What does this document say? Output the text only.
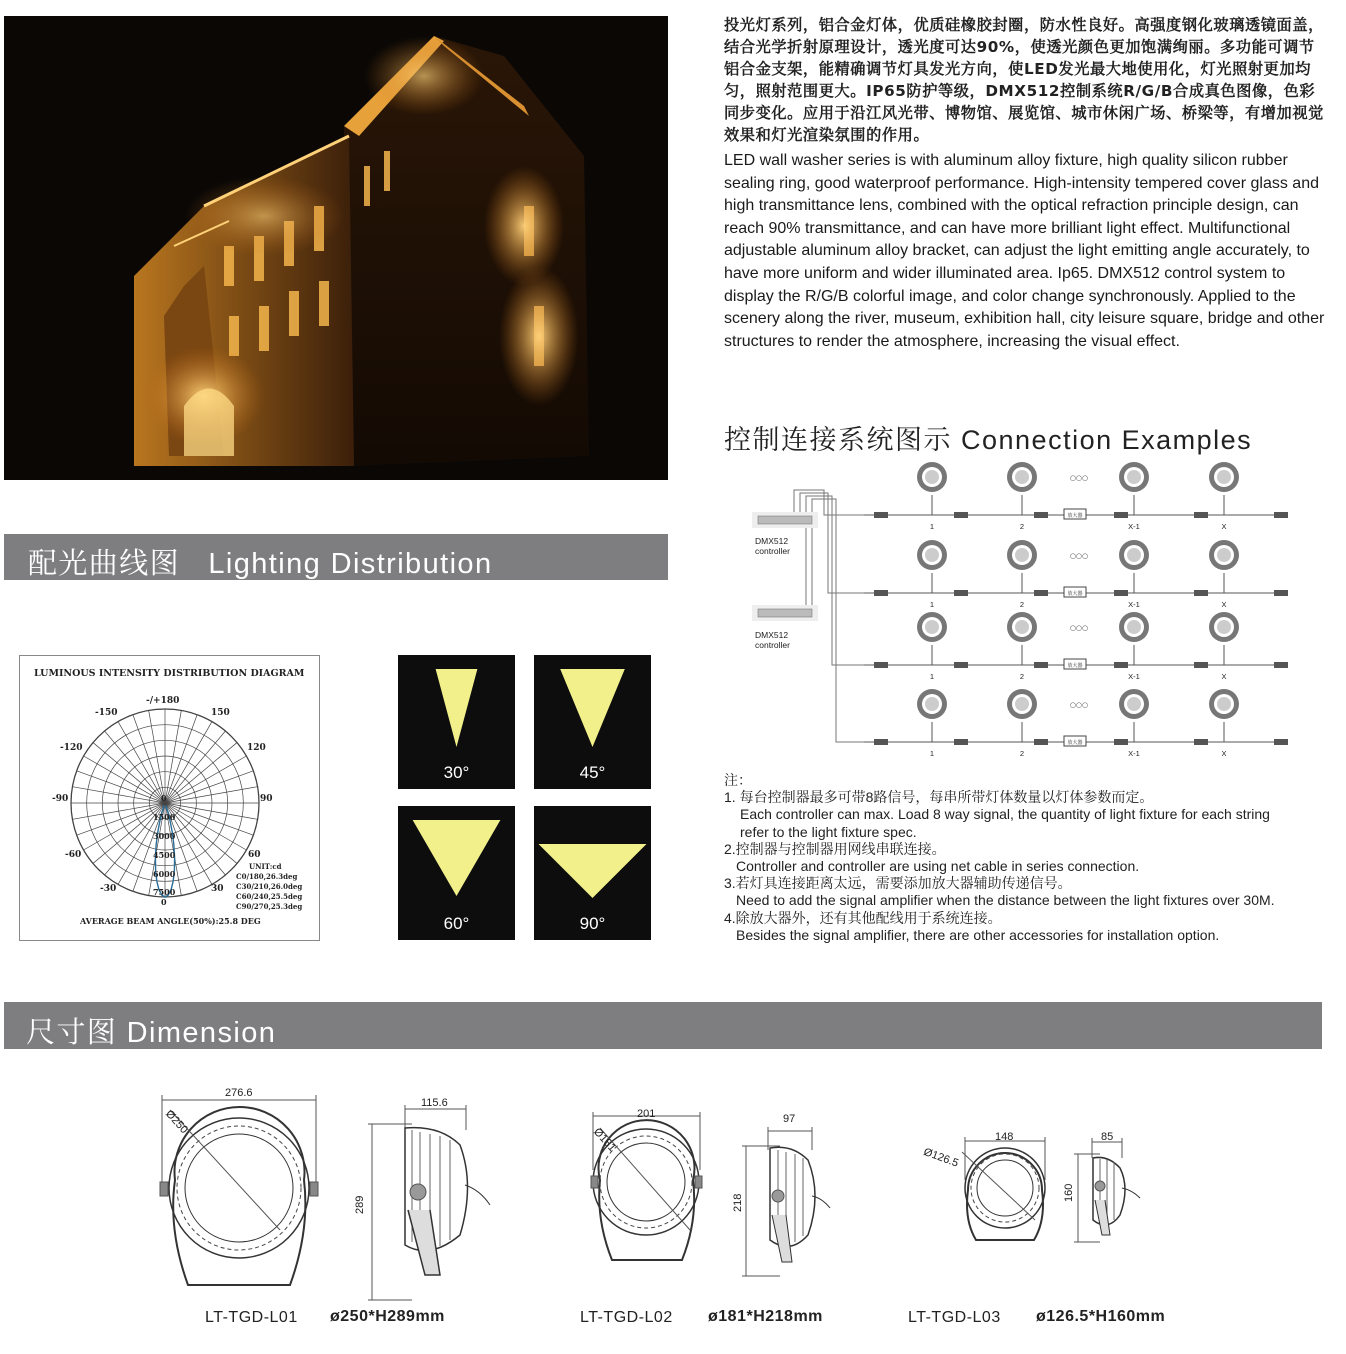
投光灯系列，铝合金灯体，优质硅橡胶封圈，防水性良好。高强度钢化玻璃透镜面盖，结合光学折射原理设计，透光度可达90%，使透光颜色更加饱满绚丽。多功能可调节铝合金支架，能精确调节灯具发光方向，使LED发光最大地使用化，灯光照射更加均匀，照射范围更大。IP65防护等级，DMX512控制系统R/G/B合成真色图像，色彩同步变化。应用于沿江风光带、博物馆、展览馆、城市休闲广场、桥梁等，有增加视觉效果和灯光渲染氛围的作用。
LED wall washer series is with aluminum alloy fixture, high quality silicon rubber sealing ring, good waterproof performance. High-intensity tempered cover glass and high transmittance lens, combined with the optical refraction principle design, can reach 90% transmittance, and can have more brilliant light effect. Multifunctional adjustable aluminum alloy bracket, can adjust the light emitting angle accurately, to have more uniform and wider illuminated area. Ip65. DMX512 control system to display the R/G/B colorful image, and color change synchronously. Applied to the scenery along the river, museum, exhibition hall, city leisure square, bridge and other structures to render the atmosphere, increasing the visual effect.
配光曲线图   Lighting Distribution
控制连接系统图示 Connection Examples
LUMINOUS INTENSITY DISTRIBUTION DIAGRAM
-/+180
-150	150
-120	120
-90	90
-60	60
-30	30
0
0
1500
3000
4500
6000
7500
UNIT:cd
C0/180,26.3deg
C30/210,26.0deg
C60/240,25.5deg
C90/270,25.3deg
AVERAGE BEAM ANGLE(50%):25.8 DEG
30°	45°
60°	90°
1	2	X-1	X
放大器
○○○
1	2	X-1	X
放大器
○○○
1	2	X-1	X
放大器
○○○
1	2	X-1	X
放大器
○○○
DMX512
controller
DMX512
controller
注：
1. 每台控制器最多可带8路信号，每串所带灯体数量以灯体参数而定。
Each controller can max. Load 8 way signal, the quantity of light fixture for each string
refer to the light fixture spec.
2.控制器与控制器用网线串联连接。
Controller and controller are using net cable in series connection.
3.若灯具连接距离太远，需要添加放大器辅助传递信号。
Need to add the signal amplifier when the distance between the light fixtures over 30M.
4.除放大器外，还有其他配线用于系统连接。
Besides the signal amplifier, there are other accessories for installation option.
尺寸图 Dimension
276.6
Ø250
115.6
289
201
Ø181
97
218
148
Ø126.5
85
160
LT-TGD-L01 ø250*H289mm	LT-TGD-L02 ø181*H218mm	LT-TGD-L03 ø126.5*H160mm
